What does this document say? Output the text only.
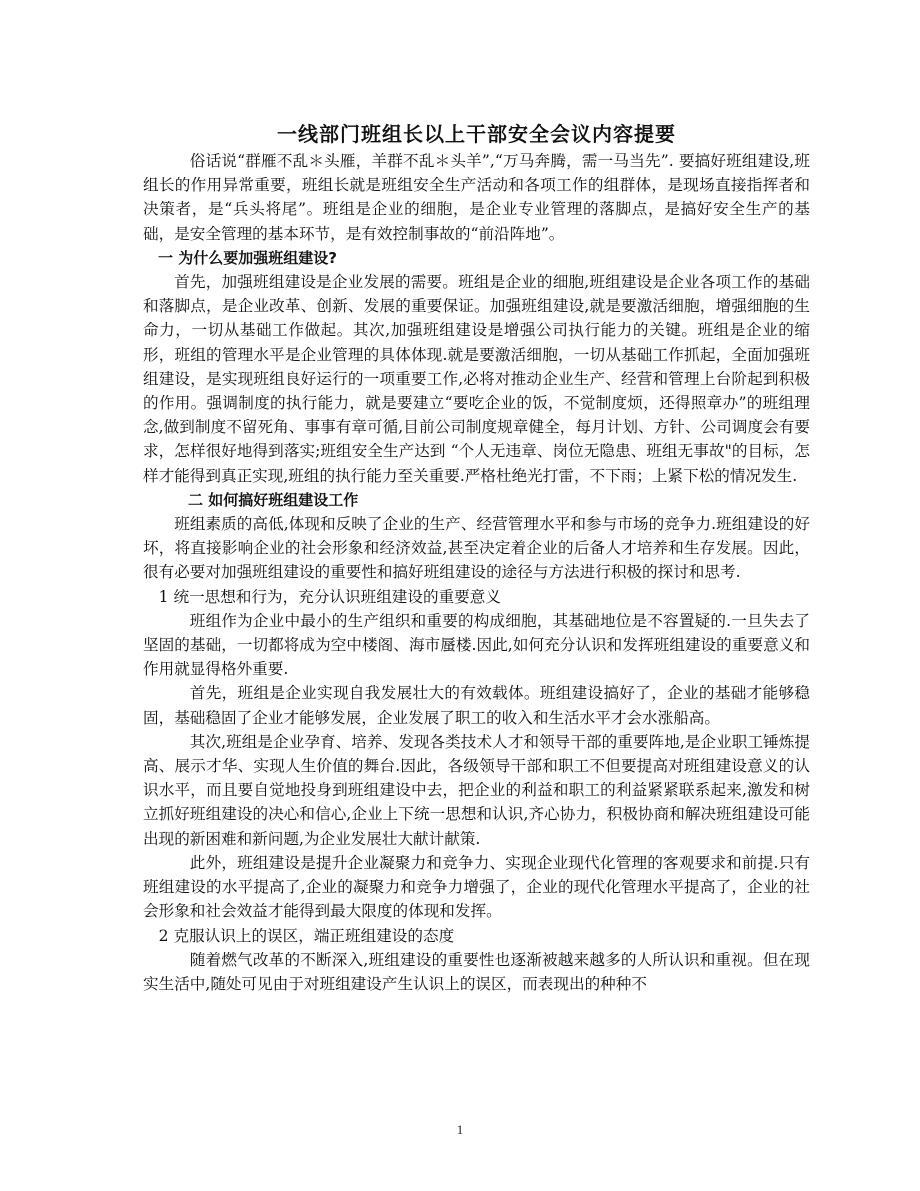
一线部门班组长以上干部安全会议内容提要

俗话说“群雁不乱＊头雁，羊群不乱＊头羊”,“万马奔腾，需一马当先”. 要搞好班组建设,班组长的作用异常重要，班组长就是班组安全生产活动和各项工作的组群体，是现场直接指挥者和决策者，是“兵头将尾”。班组是企业的细胞，是企业专业管理的落脚点，是搞好安全生产的基础，是安全管理的基本环节，是有效控制事故的“前沿阵地”。

一 为什么要加强班组建设?

首先，加强班组建设是企业发展的需要。班组是企业的细胞,班组建设是企业各项工作的基础和落脚点，是企业改革、创新、发展的重要保证。加强班组建设,就是要激活细胞，增强细胞的生命力，一切从基础工作做起。其次,加强班组建设是增强公司执行能力的关键。班组是企业的缩形，班组的管理水平是企业管理的具体体现.就是要激活细胞，一切从基础工作抓起，全面加强班组建设，是实现班组良好运行的一项重要工作,必将对推动企业生产、经营和管理上台阶起到积极的作用。强调制度的执行能力，就是要建立“要吃企业的饭，不觉制度烦，还得照章办”的班组理念,做到制度不留死角、事事有章可循,目前公司制度规章健全，每月计划、方针、公司调度会有要求，怎样很好地得到落实;班组安全生产达到 “个人无违章、岗位无隐患、班组无事故"的目标，怎样才能得到真正实现,班组的执行能力至关重要.严格杜绝光打雷，不下雨；上紧下松的情况发生.

二 如何搞好班组建设工作

班组素质的高低,体现和反映了企业的生产、经营管理水平和参与市场的竞争力.班组建设的好坏，将直接影响企业的社会形象和经济效益,甚至决定着企业的后备人才培养和生存发展。因此，很有必要对加强班组建设的重要性和搞好班组建设的途径与方法进行积极的探讨和思考.

1 统一思想和行为，充分认识班组建设的重要意义

班组作为企业中最小的生产组织和重要的构成细胞，其基础地位是不容置疑的.一旦失去了坚固的基础，一切都将成为空中楼阁、海市蜃楼.因此,如何充分认识和发挥班组建设的重要意义和作用就显得格外重要.

首先，班组是企业实现自我发展壮大的有效载体。班组建设搞好了，企业的基础才能够稳固，基础稳固了企业才能够发展，企业发展了职工的收入和生活水平才会水涨船高。

其次,班组是企业孕育、培养、发现各类技术人才和领导干部的重要阵地,是企业职工锤炼提高、展示才华、实现人生价值的舞台.因此，各级领导干部和职工不但要提高对班组建设意义的认识水平，而且要自觉地投身到班组建设中去，把企业的利益和职工的利益紧紧联系起来,激发和树立抓好班组建设的决心和信心,企业上下统一思想和认识,齐心协力，积极协商和解决班组建设可能出现的新困难和新问题,为企业发展壮大献计献策.

此外，班组建设是提升企业凝聚力和竞争力、实现企业现代化管理的客观要求和前提.只有班组建设的水平提高了,企业的凝聚力和竞争力增强了，企业的现代化管理水平提高了，企业的社会形象和社会效益才能得到最大限度的体现和发挥。

2 克服认识上的误区，端正班组建设的态度

随着燃气改革的不断深入,班组建设的重要性也逐渐被越来越多的人所认识和重视。但在现实生活中,随处可见由于对班组建设产生认识上的误区，而表现出的种种不

1
